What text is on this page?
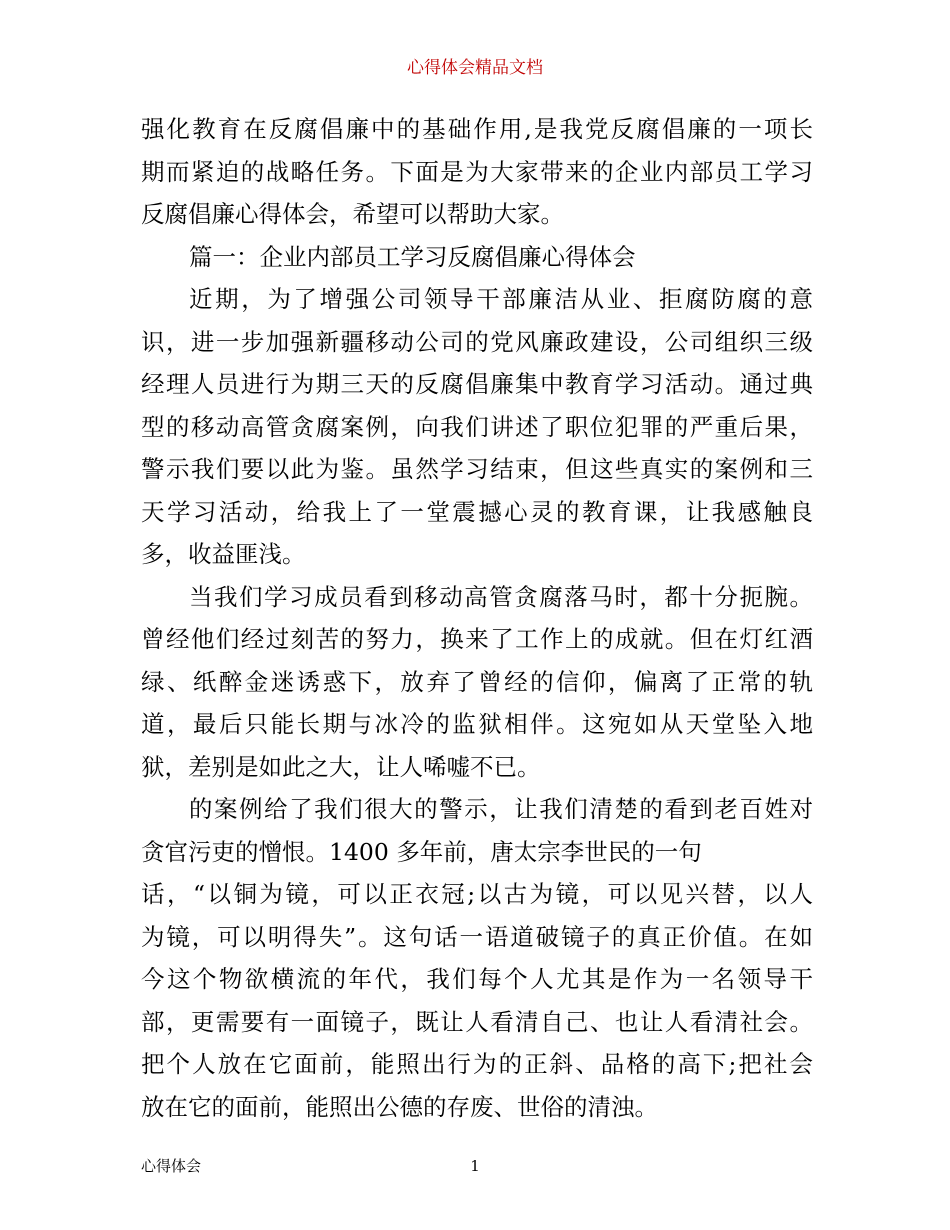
心得体会精品文档
强化教育在反腐倡廉中的基础作用,是我党反腐倡廉的一项长
期而紧迫的战略任务。下面是为大家带来的企业内部员工学习
反腐倡廉心得体会，希望可以帮助大家。
篇一：企业内部员工学习反腐倡廉心得体会
近期，为了增强公司领导干部廉洁从业、拒腐防腐的意
识，进一步加强新疆移动公司的党风廉政建设，公司组织三级
经理人员进行为期三天的反腐倡廉集中教育学习活动。通过典
型的移动高管贪腐案例，向我们讲述了职位犯罪的严重后果，
警示我们要以此为鉴。虽然学习结束，但这些真实的案例和三
天学习活动，给我上了一堂震撼心灵的教育课，让我感触良
多，收益匪浅。
当我们学习成员看到移动高管贪腐落马时，都十分扼腕。
曾经他们经过刻苦的努力，换来了工作上的成就。但在灯红酒
绿、纸醉金迷诱惑下，放弃了曾经的信仰，偏离了正常的轨
道，最后只能长期与冰冷的监狱相伴。这宛如从天堂坠入地
狱，差别是如此之大，让人唏嘘不已。
的案例给了我们很大的警示，让我们清楚的看到老百姓对
贪官污吏的憎恨。1400 多年前，唐太宗李世民的一句
话，“以铜为镜，可以正衣冠;以古为镜，可以见兴替，以人
为镜，可以明得失”。这句话一语道破镜子的真正价值。在如
今这个物欲横流的年代，我们每个人尤其是作为一名领导干
部，更需要有一面镜子，既让人看清自己、也让人看清社会。
把个人放在它面前，能照出行为的正斜、品格的高下;把社会
放在它的面前，能照出公德的存废、世俗的清浊。
心得体会	1
